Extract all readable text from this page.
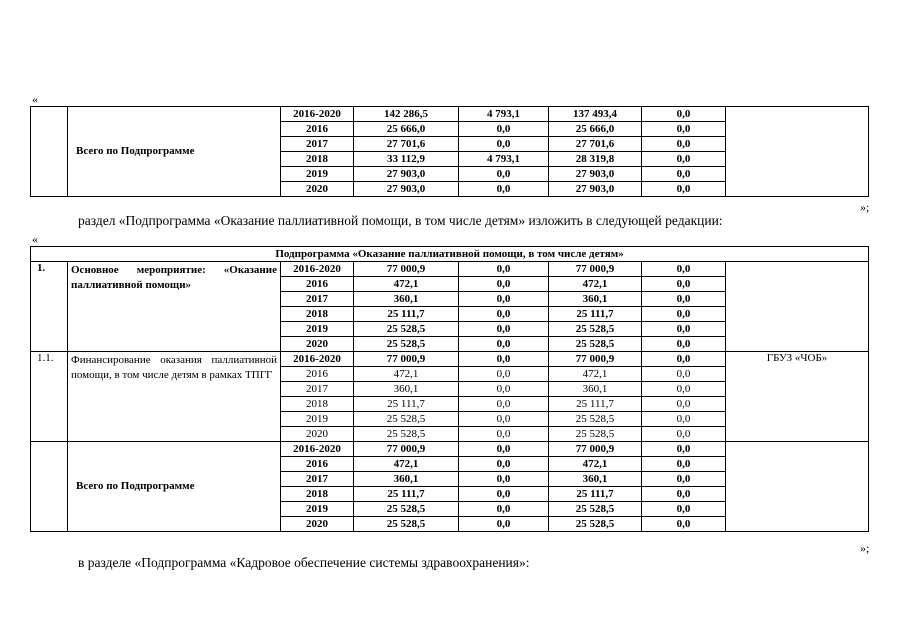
«
	Всего по Подпрограмме	2016-2020	142 286,5	4 793,1	137 493,4	0,0	
		2016	25 666,0	0,0	25 666,0	0,0	
		2017	27 701,6	0,0	27 701,6	0,0	
		2018	33 112,9	4 793,1	28 319,8	0,0	
		2019	27 903,0	0,0	27 903,0	0,0	
		2020	27 903,0	0,0	27 903,0	0,0	
»;
раздел «Подпрограмма «Оказание паллиативной помощи, в том числе детям» изложить в следующей редакции:
«
Подпрограмма «Оказание паллиативной помощи, в том числе детям»							
1.	Основное мероприятие: «Оказание паллиативной помощи»	2016-2020	77 000,9	0,0	77 000,9	0,0	
		2016	472,1	0,0	472,1	0,0	
		2017	360,1	0,0	360,1	0,0	
		2018	25 111,7	0,0	25 111,7	0,0	
		2019	25 528,5	0,0	25 528,5	0,0	
		2020	25 528,5	0,0	25 528,5	0,0	
1.1.	Финансирование оказания паллиативной помощи, в том числе детям в рамках ТПГГ	2016-2020	77 000,9	0,0	77 000,9	0,0	ГБУЗ «ЧОБ»
		2016	472,1	0,0	472,1	0,0	
		2017	360,1	0,0	360,1	0,0	
		2018	25 111,7	0,0	25 111,7	0,0	
		2019	25 528,5	0,0	25 528,5	0,0	
		2020	25 528,5	0,0	25 528,5	0,0	
	Всего по Подпрограмме	2016-2020	77 000,9	0,0	77 000,9	0,0	
		2016	472,1	0,0	472,1	0,0	
		2017	360,1	0,0	360,1	0,0	
		2018	25 111,7	0,0	25 111,7	0,0	
		2019	25 528,5	0,0	25 528,5	0,0	
		2020	25 528,5	0,0	25 528,5	0,0	
»;
в разделе «Подпрограмма «Кадровое обеспечение системы здравоохранения»:
